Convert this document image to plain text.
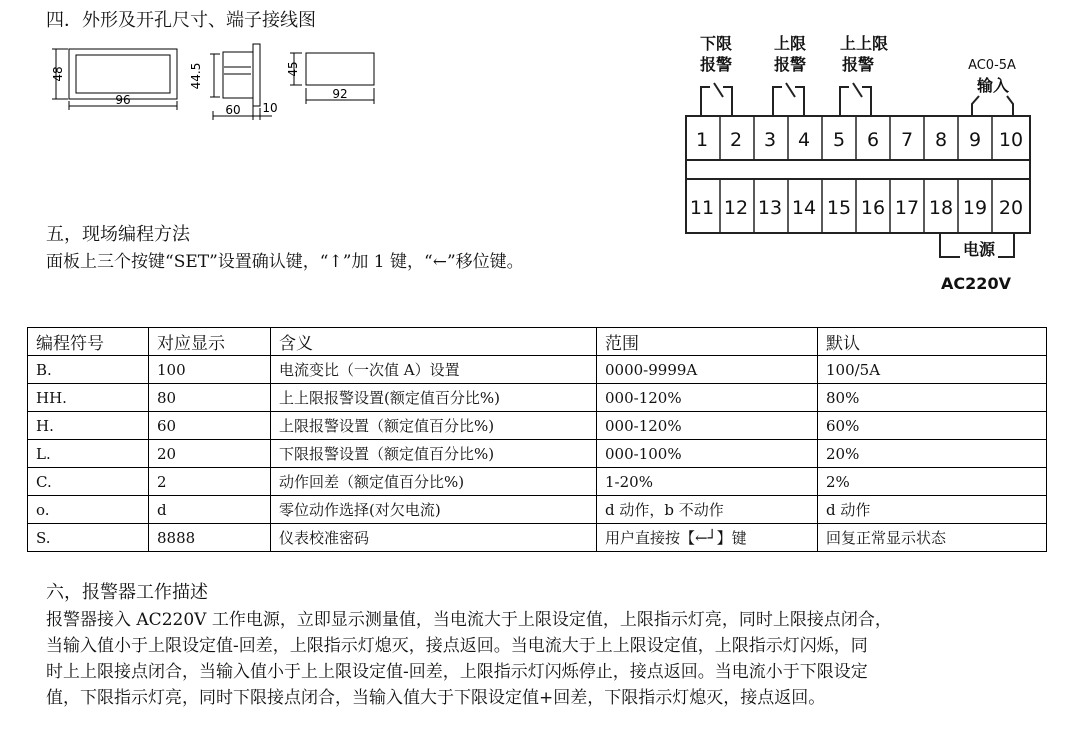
四．外形及开孔尺寸、端子接线图
48
96
44.5
60 10
45
92
五，现场编程方法
面板上三个按键“SET”设置确认键，“↑”加 1 键，“←”移位键。
下限
报警
上限
报警
上上限
报警
输入
电源
AC220V
AC0-5A
1 2 3 4 5 6 7 8 9 10
11 12 13 14 15 16 17 18 19 20
编程符号	对应显示	含义	范围	默认
B.	100	电流变比（一次值 A）设置	0000-9999A	100/5A
HH.	80	上上限报警设置(额定值百分比%)	000-120%	80%
H.	60	上限报警设置（额定值百分比%)	000-120%	60%
L.	20	下限报警设置（额定值百分比%)	000-100%	20%
C.	2	动作回差（额定值百分比%)	1-20%	2%
o.	d	零位动作选择(对欠电流)	d 动作，b 不动作	d 动作
S.	8888	仪表校准密码	用户直接按【←┘】键	回复正常显示状态
六，报警器工作描述
报警器接入 AC220V 工作电源，立即显示测量值，当电流大于上限设定值，上限指示灯亮，同时上限接点闭合，
当输入值小于上限设定值-回差，上限指示灯熄灭，接点返回。当电流大于上上限设定值，上限指示灯闪烁，同
时上上限接点闭合，当输入值小于上上限设定值-回差，上限指示灯闪烁停止，接点返回。当电流小于下限设定
值，下限指示灯亮，同时下限接点闭合，当输入值大于下限设定值+回差，下限指示灯熄灭，接点返回。
